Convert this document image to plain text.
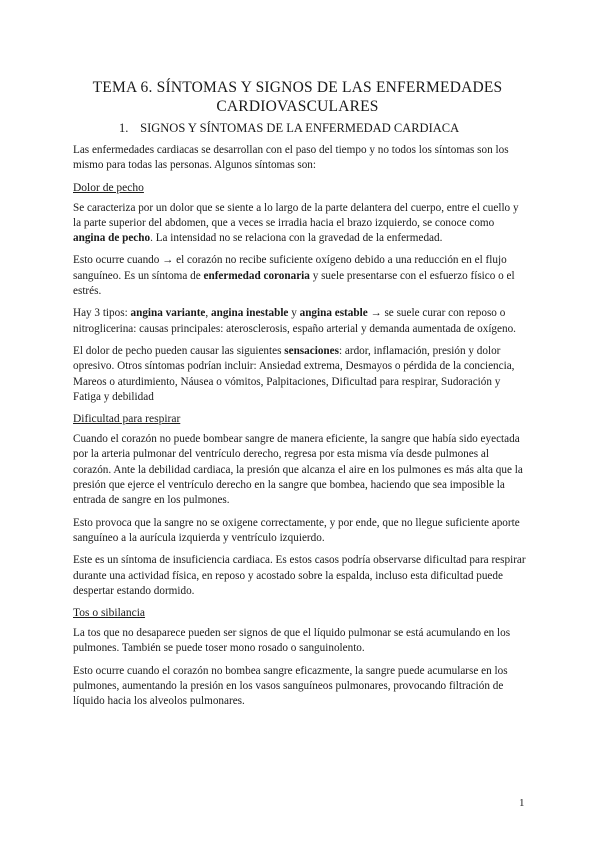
TEMA 6. SÍNTOMAS Y SIGNOS DE LAS ENFERMEDADES
CARDIOVASCULARES
1. SIGNOS Y SÍNTOMAS DE LA ENFERMEDAD CARDIACA

Las enfermedades cardiacas se desarrollan con el paso del tiempo y no todos los síntomas son los mismo para todas las personas. Algunos síntomas son:

Dolor de pecho

Se caracteriza por un dolor que se siente a lo largo de la parte delantera del cuerpo, entre el cuello y la parte superior del abdomen, que a veces se irradia hacia el brazo izquierdo, se conoce como angina de pecho. La intensidad no se relaciona con la gravedad de la enfermedad.

Esto ocurre cuando → el corazón no recibe suficiente oxígeno debido a una reducción en el flujo sanguíneo. Es un síntoma de enfermedad coronaria y suele presentarse con el esfuerzo físico o el estrés.

Hay 3 tipos: angina variante, angina inestable y angina estable → se suele curar con reposo o nitroglicerina: causas principales: aterosclerosis, españo arterial y demanda aumentada de oxígeno.

El dolor de pecho pueden causar las siguientes sensaciones: ardor, inflamación, presión y dolor opresivo. Otros síntomas podrían incluir: Ansiedad extrema, Desmayos o pérdida de la conciencia, Mareos o aturdimiento, Náusea o vómitos, Palpitaciones, Dificultad para respirar, Sudoración y Fatiga y debilidad

Dificultad para respirar

Cuando el corazón no puede bombear sangre de manera eficiente, la sangre que había sido eyectada por la arteria pulmonar del ventrículo derecho, regresa por esta misma vía desde pulmones al corazón. Ante la debilidad cardiaca, la presión que alcanza el aire en los pulmones es más alta que la presión que ejerce el ventrículo derecho en la sangre que bombea, haciendo que sea imposible la entrada de sangre en los pulmones.

Esto provoca que la sangre no se oxigene correctamente, y por ende, que no llegue suficiente aporte sanguíneo a la aurícula izquierda y ventrículo izquierdo.

Este es un síntoma de insuficiencia cardiaca. Es estos casos podría observarse dificultad para respirar durante una actividad física, en reposo y acostado sobre la espalda, incluso esta dificultad puede despertar estando dormido.

Tos o sibilancia

La tos que no desaparece pueden ser signos de que el líquido pulmonar se está acumulando en los pulmones. También se puede toser mono rosado o sanguinolento.

Esto ocurre cuando el corazón no bombea sangre eficazmente, la sangre puede acumularse en los pulmones, aumentando la presión en los vasos sanguíneos pulmonares, provocando filtración de líquido hacia los alveolos pulmonares.

1
